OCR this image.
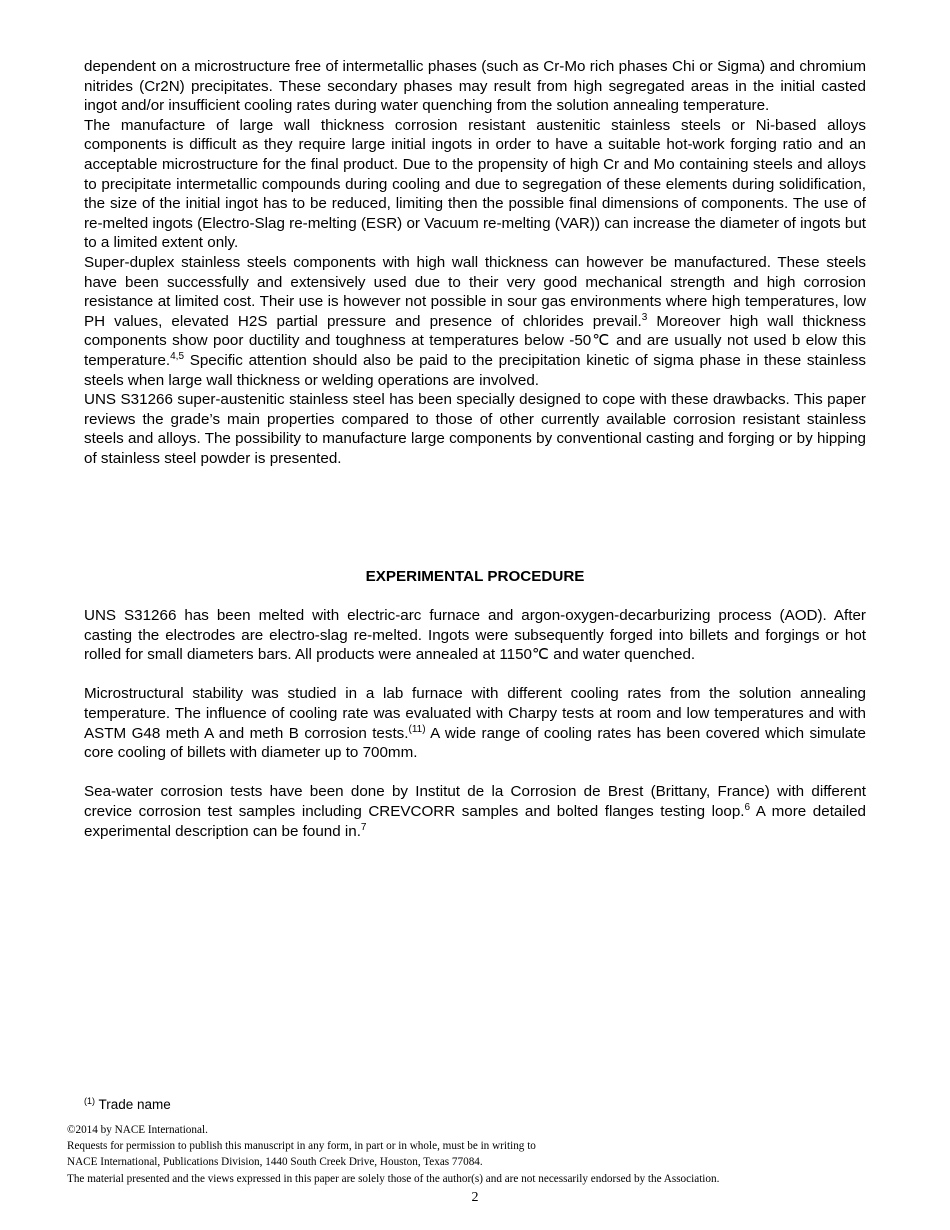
dependent on a microstructure free of intermetallic phases (such as Cr-Mo rich phases Chi or Sigma) and chromium nitrides (Cr2N) precipitates. These secondary phases may result from high segregated areas in the initial casted ingot and/or insufficient cooling rates during water quenching from the solution annealing temperature.

The manufacture of large wall thickness corrosion resistant austenitic stainless steels or Ni-based alloys components is difficult as they require large initial ingots in order to have a suitable hot-work forging ratio and an acceptable microstructure for the final product. Due to the propensity of high Cr and Mo containing steels and alloys to precipitate intermetallic compounds during cooling and due to segregation of these elements during solidification, the size of the initial ingot has to be reduced, limiting then the possible final dimensions of components. The use of re-melted ingots (Electro-Slag re-melting (ESR) or Vacuum re-melting (VAR)) can increase the diameter of ingots but to a limited extent only.

Super-duplex stainless steels components with high wall thickness can however be manufactured. These steels have been successfully and extensively used due to their very good mechanical strength and high corrosion resistance at limited cost. Their use is however not possible in sour gas environments where high temperatures, low PH values, elevated H2S partial pressure and presence of chlorides prevail.$^3$ Moreover high wall thickness components show poor ductility and toughness at temperatures below -50℃ and are usually not used b elow this temperature.$^{4,5}$ Specific attention should also be paid to the precipitation kinetic of sigma phase in these stainless steels when large wall thickness or welding operations are involved.

UNS S31266 super-austenitic stainless steel has been specially designed to cope with these drawbacks. This paper reviews the grade’s main properties compared to those of other currently available corrosion resistant stainless steels and alloys. The possibility to manufacture large components by conventional casting and forging or by hipping of stainless steel powder is presented.

EXPERIMENTAL PROCEDURE

UNS S31266 has been melted with electric-arc furnace and argon-oxygen-decarburizing process (AOD). After casting the electrodes are electro-slag re-melted. Ingots were subsequently forged into billets and forgings or hot rolled for small diameters bars. All products were annealed at 1150℃ and water quenched.

Microstructural stability was studied in a lab furnace with different cooling rates from the solution annealing temperature. The influence of cooling rate was evaluated with Charpy tests at room and low temperatures and with ASTM G48 meth A and meth B corrosion tests.$^{(11)}$ A wide range of cooling rates has been covered which simulate core cooling of billets with diameter up to 700mm.

Sea-water corrosion tests have been done by Institut de la Corrosion de Brest (Brittany, France) with different crevice corrosion test samples including CREVCORR samples and bolted flanges testing loop.$^6$ A more detailed experimental description can be found in.$^7$

$^{(1)}$ Trade name
©2014 by NACE International.
Requests for permission to publish this manuscript in any form, in part or in whole, must be in writing to
NACE International, Publications Division, 1440 South Creek Drive, Houston, Texas 77084.
The material presented and the views expressed in this paper are solely those of the author(s) and are not necessarily endorsed by the Association.
2
